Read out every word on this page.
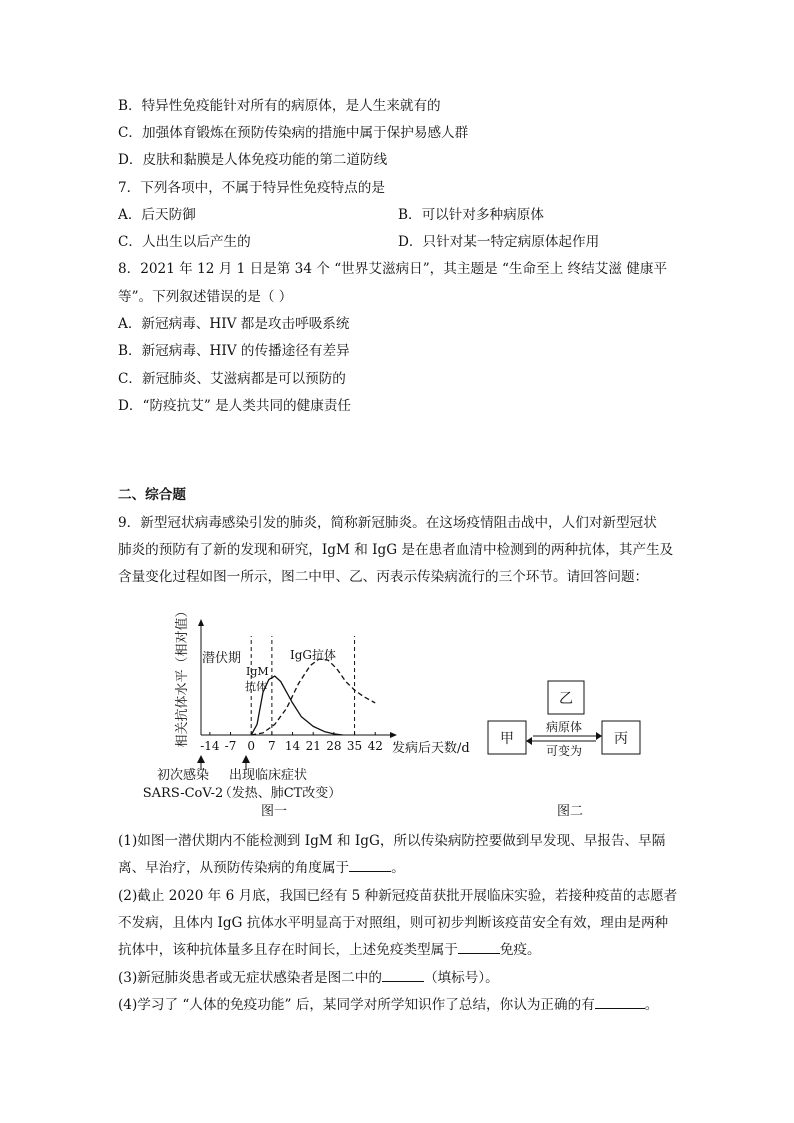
B．特异性免疫能针对所有的病原体，是人生来就有的
C．加强体育锻炼在预防传染病的措施中属于保护易感人群
D．皮肤和黏膜是人体免疫功能的第二道防线
7．下列各项中，不属于特异性免疫特点的是
A．后天防御	B．可以针对多种病原体
C．人出生以后产生的	D．只针对某一特定病原体起作用
8．2021 年 12 月 1 日是第 34 个 “世界艾滋病日”，其主题是 “生命至上 终结艾滋 健康平
等”。下列叙述错误的是（ ）
A．新冠病毒、HIV 都是攻击呼吸系统
B．新冠病毒、HIV 的传播途径有差异
C．新冠肺炎、艾滋病都是可以预防的
D．“防疫抗艾” 是人类共同的健康责任
二、综合题
9．新型冠状病毒感染引发的肺炎，简称新冠肺炎。在这场疫情阻击战中，人们对新型冠状
肺炎的预防有了新的发现和研究，IgM 和 IgG 是在患者血清中检测到的两种抗体，其产生及
含量变化过程如图一所示，图二中甲、乙、丙表示传染病流行的三个环节。请回答问题：
-14 -7 0 7 14 21 28 35 42
相关抗体水平（相对值）
发病后天数/d
潜伏期
IgM
抗体
IgG抗体
初次感染
SARS-CoV-2
出现临床症状
（发热、肺CT改变）
图一
乙
甲	丙
病原体
可变为
图二
(1)如图一潜伏期内不能检测到 IgM 和 IgG，所以传染病防控要做到早发现、早报告、早隔
离、早治疗，从预防传染病的角度属于	。
(2)截止 2020 年 6 月底，我国已经有 5 种新冠疫苗获批开展临床实验，若接种疫苗的志愿者
不发病，且体内 IgG 抗体水平明显高于对照组，则可初步判断该疫苗安全有效，理由是两种
抗体中，该种抗体量多且存在时间长，上述免疫类型属于	免疫。
(3)新冠肺炎患者或无症状感染者是图二中的	（填标号）。
(4)学习了 “人体的免疫功能” 后，某同学对所学知识作了总结，你认为正确的有	。
